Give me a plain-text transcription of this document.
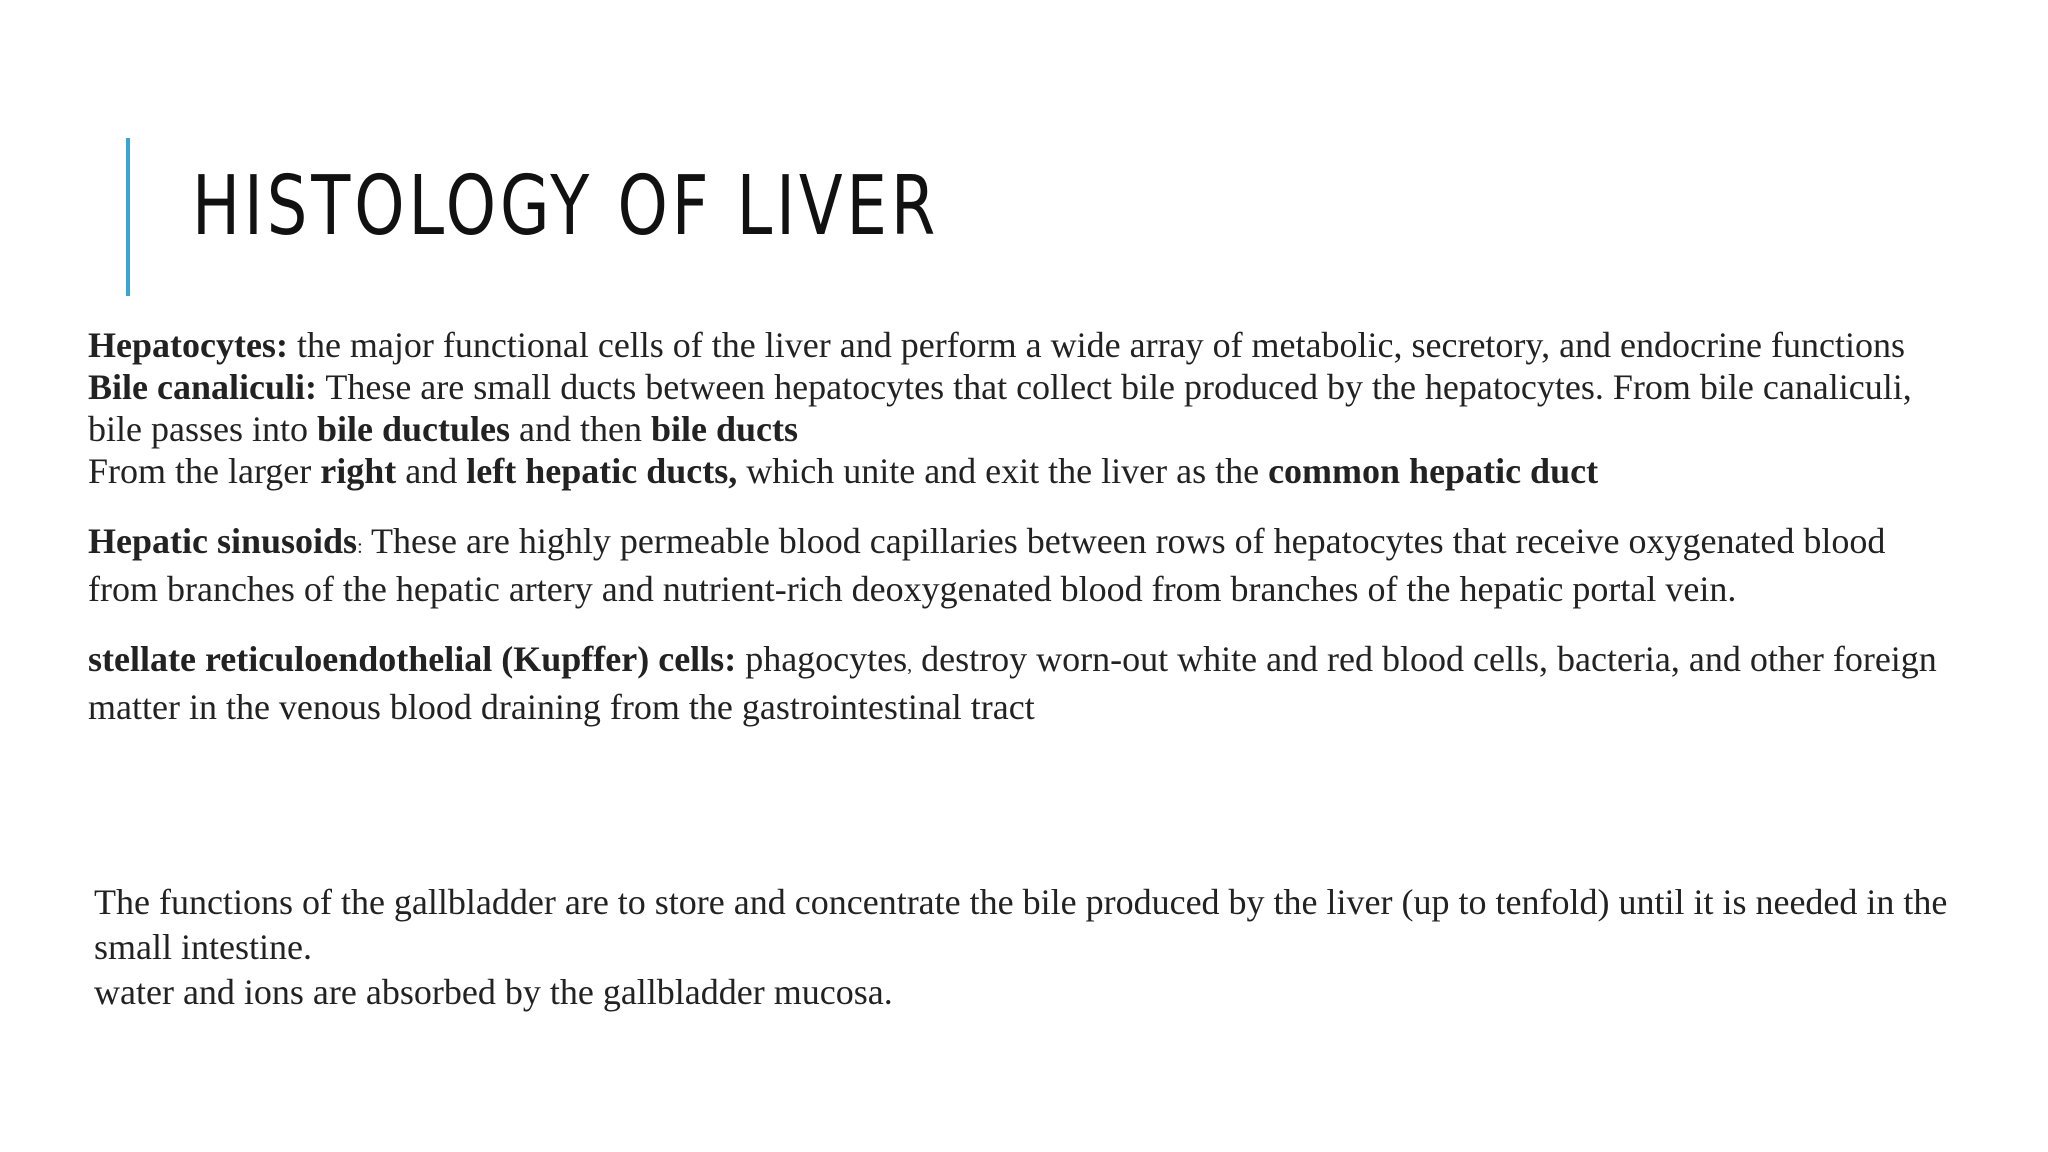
HISTOLOGY OF LIVER

Hepatocytes: the major functional cells of the liver and perform a wide array of metabolic, secretory, and endocrine functions

Bile canaliculi: These are small ducts between hepatocytes that collect bile produced by the hepatocytes. From bile canaliculi, bile passes into bile ductules and then bile ducts

From the larger right and left hepatic ducts, which unite and exit the liver as the common hepatic duct

Hepatic sinusoids: These are highly permeable blood capillaries between rows of hepatocytes that receive oxygenated blood from branches of the hepatic artery and nutrient-rich deoxygenated blood from branches of the hepatic portal vein.

stellate reticuloendothelial (Kupffer) cells: phagocytes, destroy worn-out white and red blood cells, bacteria, and other foreign matter in the venous blood draining from the gastrointestinal tract

The functions of the gallbladder are to store and concentrate the bile produced by the liver (up to tenfold) until it is needed in the small intestine.

water and ions are absorbed by the gallbladder mucosa.
